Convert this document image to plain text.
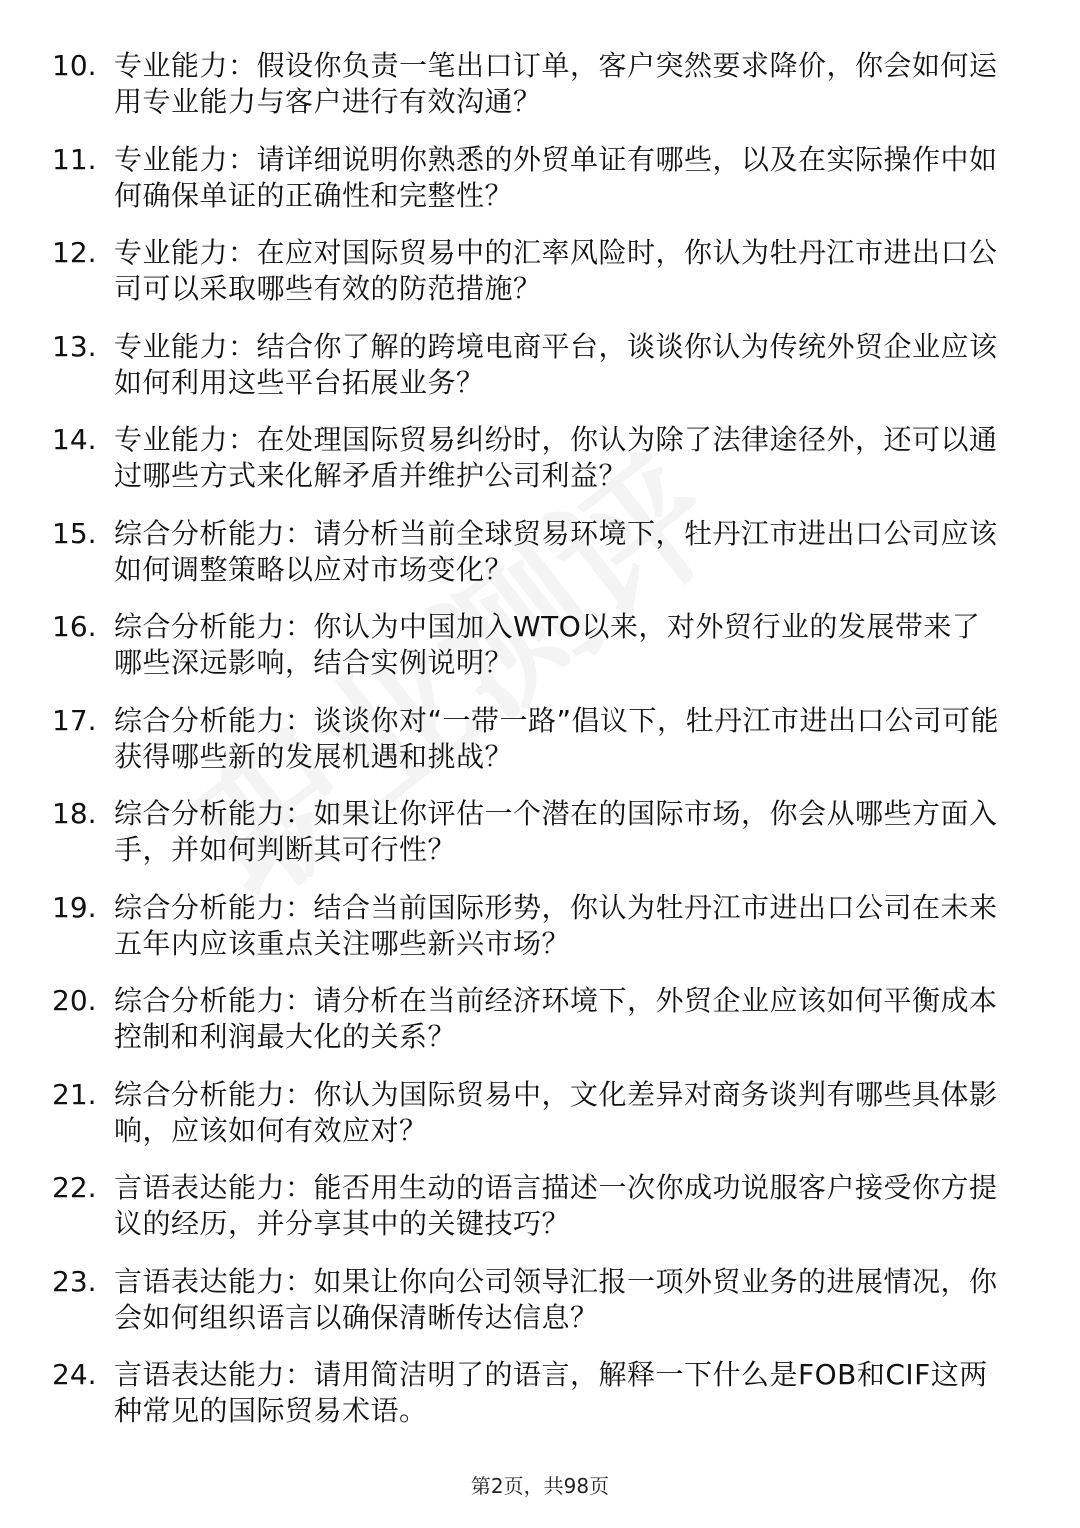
10. 专业能力：假设你负责一笔出口订单，客户突然要求降价，你会如何运用专业能力与客户进行有效沟通？
11. 专业能力：请详细说明你熟悉的外贸单证有哪些，以及在实际操作中如何确保单证的正确性和完整性？
12. 专业能力：在应对国际贸易中的汇率风险时，你认为牡丹江市进出口公司可以采取哪些有效的防范措施？
13. 专业能力：结合你了解的跨境电商平台，谈谈你认为传统外贸企业应该如何利用这些平台拓展业务？
14. 专业能力：在处理国际贸易纠纷时，你认为除了法律途径外，还可以通过哪些方式来化解矛盾并维护公司利益？
15. 综合分析能力：请分析当前全球贸易环境下，牡丹江市进出口公司应该如何调整策略以应对市场变化？
16. 综合分析能力：你认为中国加入WTO以来，对外贸行业的发展带来了哪些深远影响，结合实例说明？
17. 综合分析能力：谈谈你对“一带一路”倡议下，牡丹江市进出口公司可能获得哪些新的发展机遇和挑战？
18. 综合分析能力：如果让你评估一个潜在的国际市场，你会从哪些方面入手，并如何判断其可行性？
19. 综合分析能力：结合当前国际形势，你认为牡丹江市进出口公司在未来五年内应该重点关注哪些新兴市场？
20. 综合分析能力：请分析在当前经济环境下，外贸企业应该如何平衡成本控制和利润最大化的关系？
21. 综合分析能力：你认为国际贸易中，文化差异对商务谈判有哪些具体影响，应该如何有效应对？
22. 言语表达能力：能否用生动的语言描述一次你成功说服客户接受你方提议的经历，并分享其中的关键技巧？
23. 言语表达能力：如果让你向公司领导汇报一项外贸业务的进展情况，你会如何组织语言以确保清晰传达信息？
24. 言语表达能力：请用简洁明了的语言，解释一下什么是FOB和CIF这两种常见的国际贸易术语。
第2页，共98页
